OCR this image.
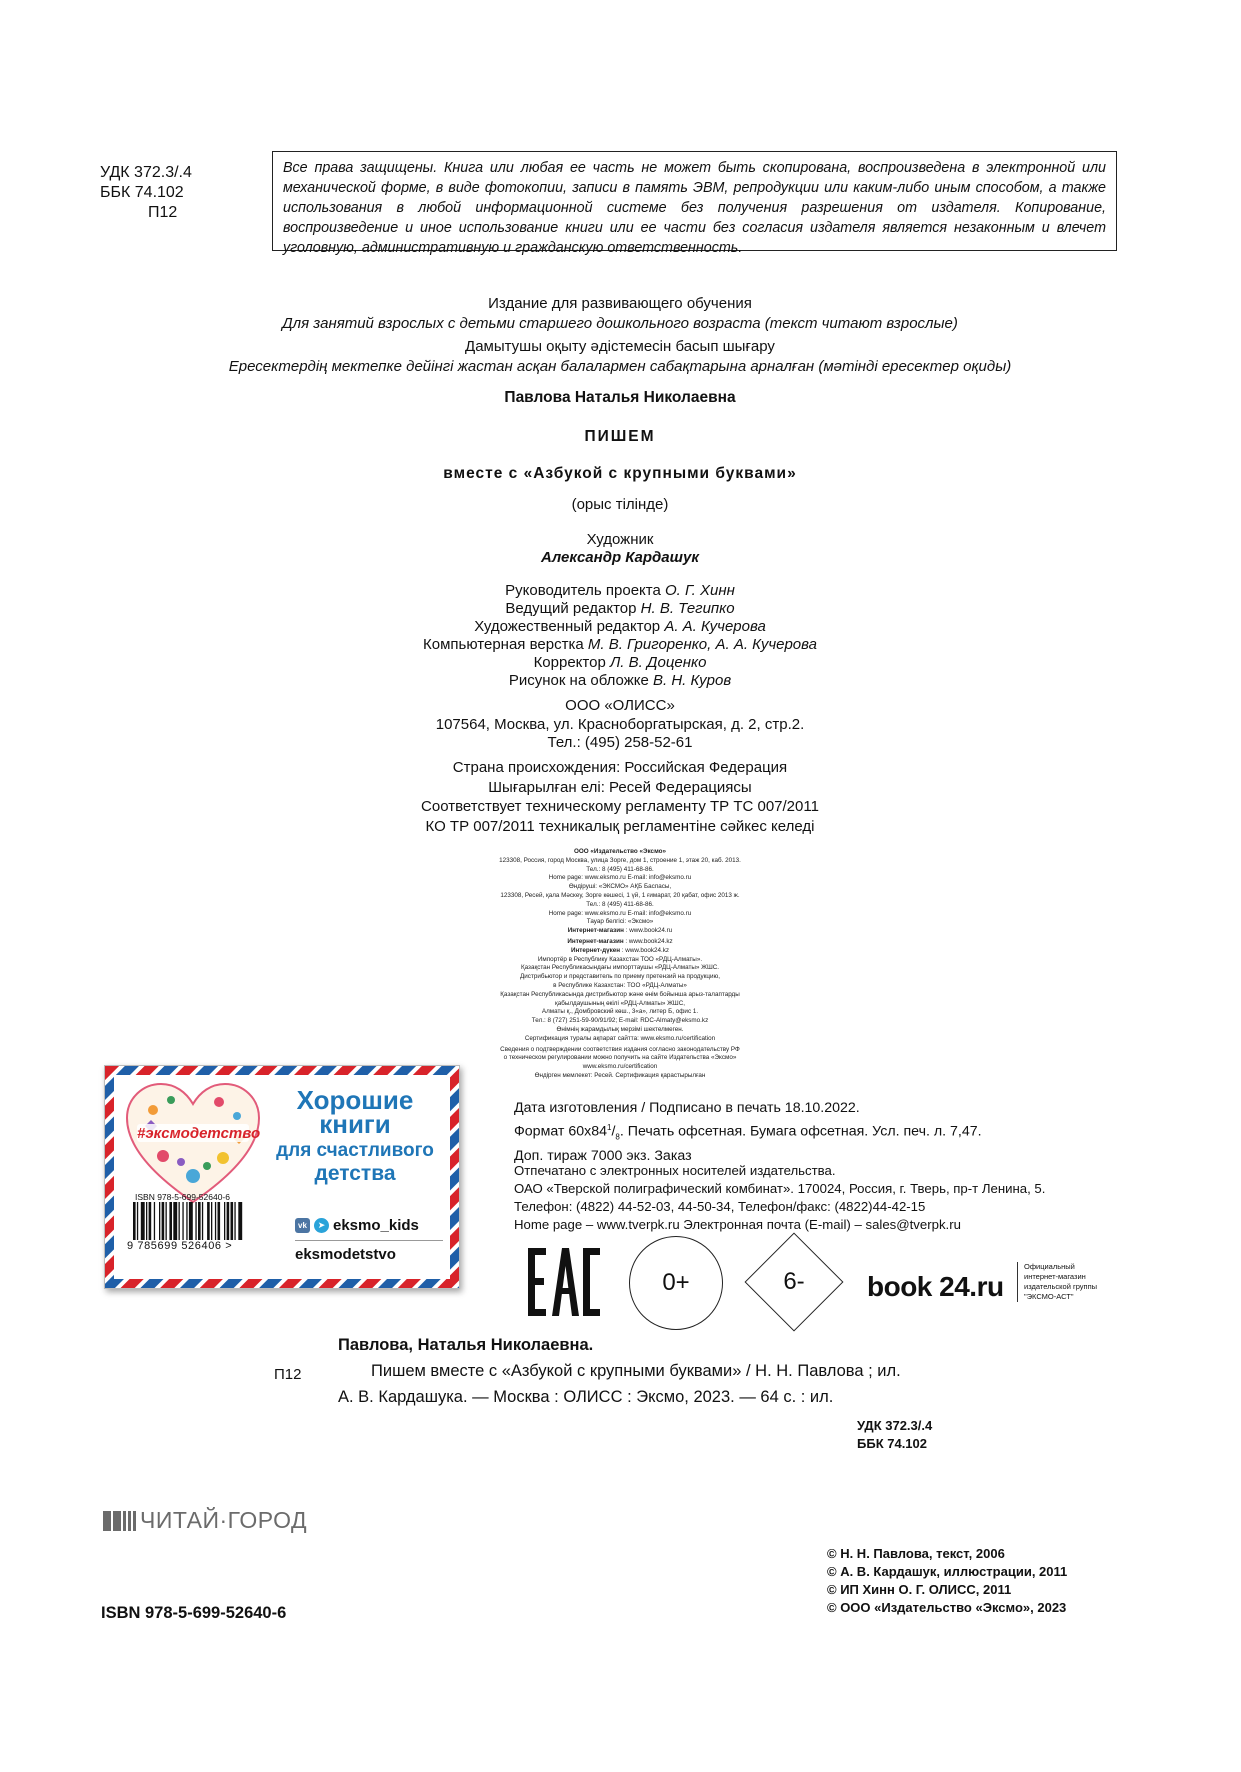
УДК 372.3/.4
ББК 74.102
П12
Все права защищены. Книга или любая ее часть не может быть скопирована, воспроизведена в электронной или механической форме, в виде фотокопии, записи в память ЭВМ, репродукции или каким-либо иным способом, а также использования в любой информационной системе без получения разрешения от издателя. Копирование, воспроизведение и иное использование книги или ее части без согласия издателя является незаконным и влечет уголовную, административную и гражданскую ответственность.
Издание для развивающего обучения
Для занятий взрослых с детьми старшего дошкольного возраста (текст читают взрослые)
Дамытушы оқыту әдістемесін басып шығару
Ересектердің мектепке дейінгі жастан асқан балалармен сабақтарына арналған (мәтінді ересектер оқиды)
Павлова Наталья Николаевна
ПИШЕМ
вместе с «Азбукой с крупными буквами»
(орыс тілінде)
Художник
Александр Кардашук
Руководитель проекта О. Г. Хинн
Ведущий редактор Н. В. Тегипко
Художественный редактор А. А. Кучерова
Компьютерная верстка М. В. Григоренко, А. А. Кучерова
Корректор Л. В. Доценко
Рисунок на обложке В. Н. Куров
ООО «ОЛИСС»
107564, Москва, ул. Красноборгатырская, д. 2, стр.2.
Тел.: (495) 258-52-61
Страна происхождения: Российская Федерация
Шығарылған елі: Ресей Федерациясы
Соответствует техническому регламенту ТР ТС 007/2011
КО ТР 007/2011 техникалық регламентіне сәйкес келеді
ООО «Издательство «Эксмо»
123308, Россия, город Москва, улица Зорге, дом 1, строение 1, этаж 20, каб. 2013.
Тел.: 8 (495) 411-68-86.
Home page: www.eksmo.ru E-mail: info@eksmo.ru
Өндіруші: «ЭКСМО» АҚБ Баспасы,
123308, Ресей, қала Мәскеу, Зорге көшесі, 1 үй, 1 ғимарат, 20 қабат, офис 2013 ж.
Тел.: 8 (495) 411-68-86.
Home page: www.eksmo.ru E-mail: info@eksmo.ru
Тауар белгісі: «Эксмо»
Интернет-магазин : www.book24.ru
Интернет-магазин : www.book24.kz
Интернет-дүкен : www.book24.kz
Импортёр в Республику Казахстан ТОО «РДЦ-Алматы».
Қазақстан Республикасындағы импорттаушы «РДЦ-Алматы» ЖШС.
Дистрибьютор и представитель по приему претензий на продукцию,
в Республике Казахстан: ТОО «РДЦ-Алматы»
Қазақстан Республикасында дистрибьютор және өнім бойынша арыз-талаптарды
қабылдаушының өкілі «РДЦ-Алматы» ЖШС,
Алматы қ., Домбровский көш., 3«а», литер Б, офис 1.
Тел.: 8 (727) 251-59-90/91/92; E-mail: RDC-Almaty@eksmo.kz
Өнімнің жарамдылық мерзімі шектелмеген.
Сертификация туралы ақпарат сайтта: www.eksmo.ru/certification
Сведения о подтверждении соответствия издания согласно законодательству РФ
о техническом регулировании можно получить на сайте Издательства «Эксмо»
www.eksmo.ru/certification
Өндірген мемлекет: Ресей. Сертификация қарастырылған
#эксмодетство
Хорошие
книги
для счастливого
детства
ISBN 978-5-699-52640-6
9 785699 526406 >
vk	➤ eksmo_kids
eksmodetstvo
Дата изготовления / Подписано в печать 18.10.2022.
Формат $60х84^1/_8$. Печать офсетная. Бумага офсетная. Усл. печ. л. 7,47.
Доп. тираж 7000 экз. Заказ
Отпечатано с электронных носителей издательства.
ОАО «Тверской полиграфический комбинат». 170024, Россия, г. Тверь, пр-т Ленина, 5.
Телефон: (4822) 44-52-03, 44-50-34, Телефон/факс: (4822)44-42-15
Home page – www.tverpk.ru Электронная почта (E-mail) – sales@tverpk.ru
0+	6- book 24.ru
Официальный
интернет-магазин
издательской группы
"ЭКСМО-АСТ"
Павлова, Наталья Николаевна.
П12	Пишем вместе с «Азбукой с крупными буквами» / Н. Н. Павлова ; ил.
А. В. Кардашука. — Москва : ОЛИСС : Эксмо, 2023. — 64 с. : ил.
УДК 372.3/.4
ББК 74.102
ЧИТАЙ·ГОРОД
© Н. Н. Павлова, текст, 2006
© А. В. Кардашук, иллюстрации, 2011
© ИП Хинн О. Г. ОЛИСС, 2011
© ООО «Издательство «Эксмо», 2023
ISBN 978-5-699-52640-6
